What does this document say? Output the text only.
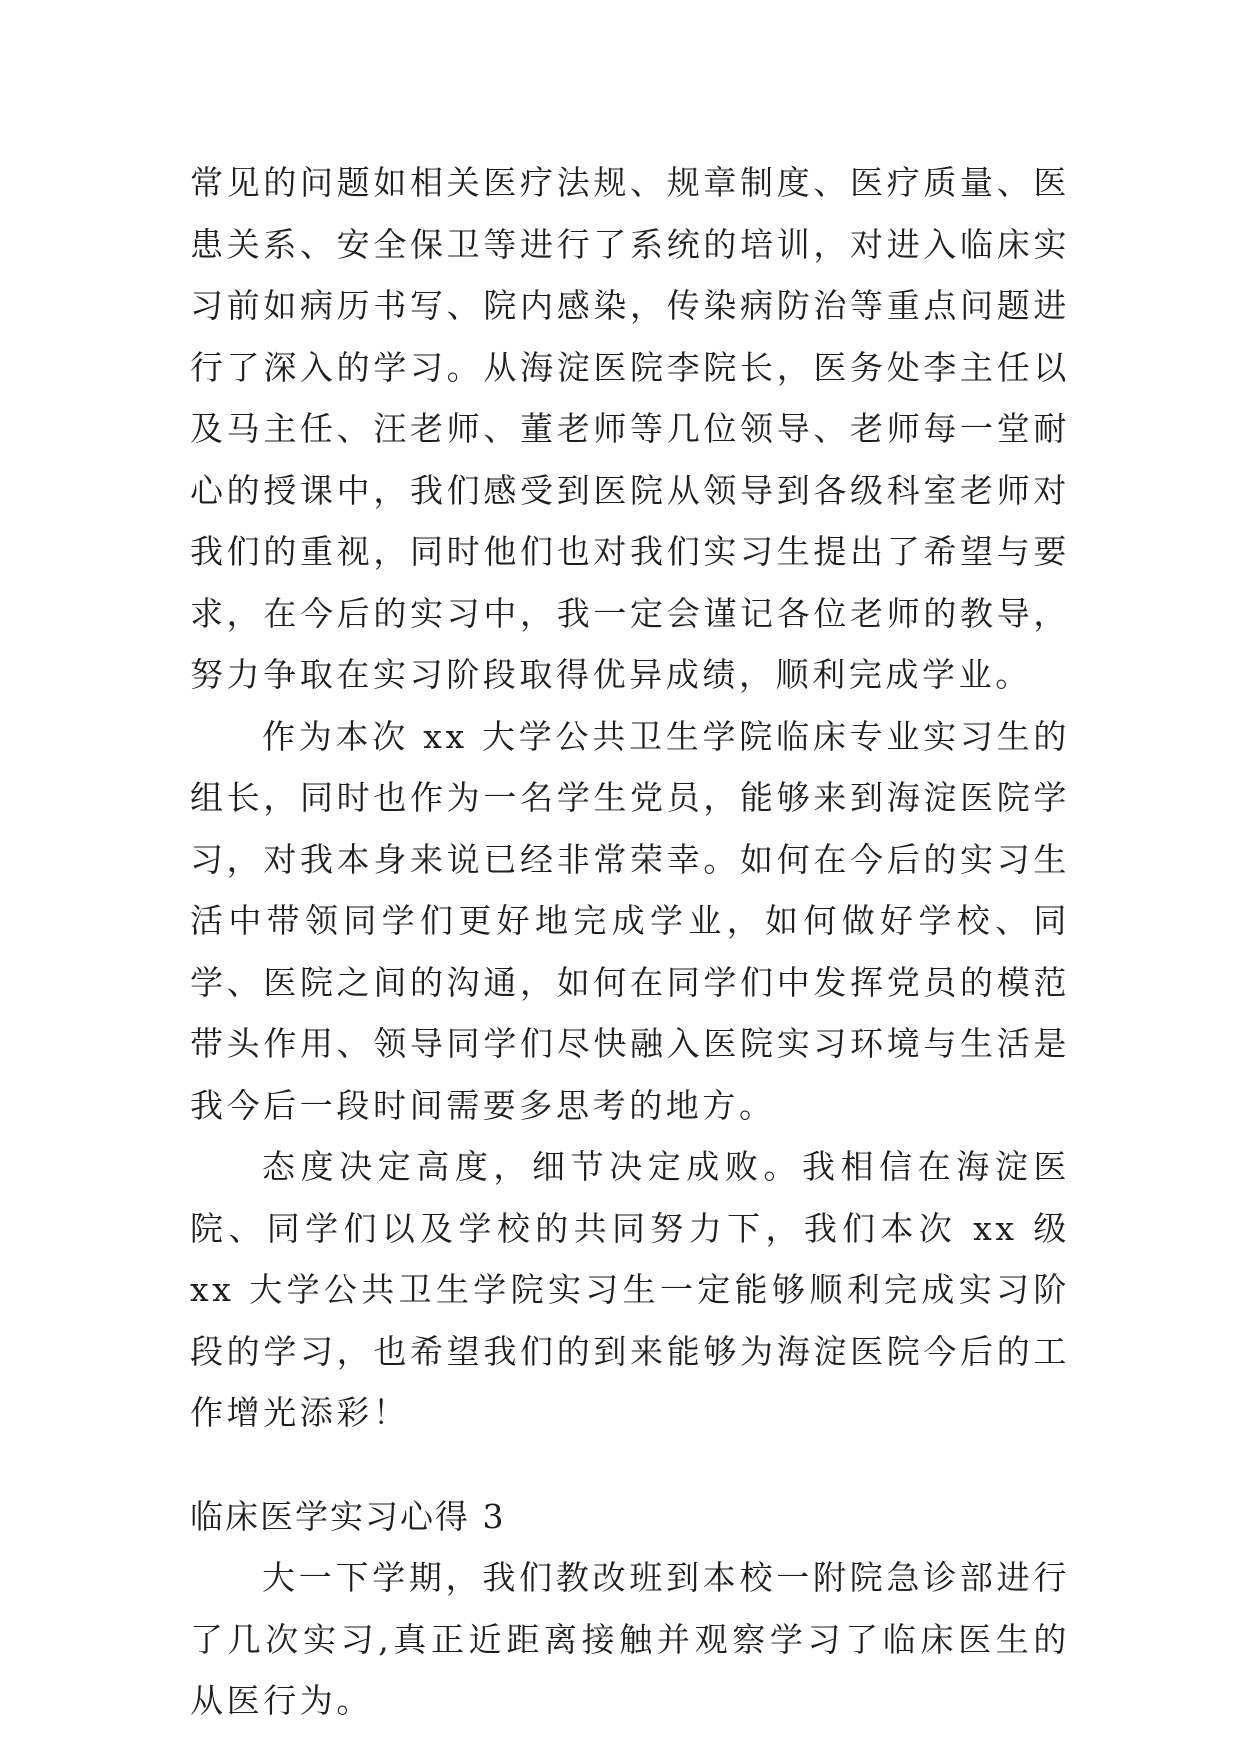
常见的问题如相关医疗法规、规章制度、医疗质量、医患关系、安全保卫等进行了系统的培训，对进入临床实习前如病历书写、院内感染，传染病防治等重点问题进行了深入的学习。从海淀医院李院长，医务处李主任以及马主任、汪老师、董老师等几位领导、老师每一堂耐心的授课中，我们感受到医院从领导到各级科室老师对我们的重视，同时他们也对我们实习生提出了希望与要求，在今后的实习中，我一定会谨记各位老师的教导，努力争取在实习阶段取得优异成绩，顺利完成学业。

作为本次 xx 大学公共卫生学院临床专业实习生的组长，同时也作为一名学生党员，能够来到海淀医院学习，对我本身来说已经非常荣幸。如何在今后的实习生活中带领同学们更好地完成学业，如何做好学校、同学、医院之间的沟通，如何在同学们中发挥党员的模范带头作用、领导同学们尽快融入医院实习环境与生活是我今后一段时间需要多思考的地方。

态度决定高度，细节决定成败。我相信在海淀医院、同学们以及学校的共同努力下，我们本次 xx 级 xx 大学公共卫生学院实习生一定能够顺利完成实习阶段的学习，也希望我们的到来能够为海淀医院今后的工作增光添彩！

临床医学实习心得 3

大一下学期，我们教改班到本校一附院急诊部进行了几次实习,真正近距离接触并观察学习了临床医生的从医行为。
